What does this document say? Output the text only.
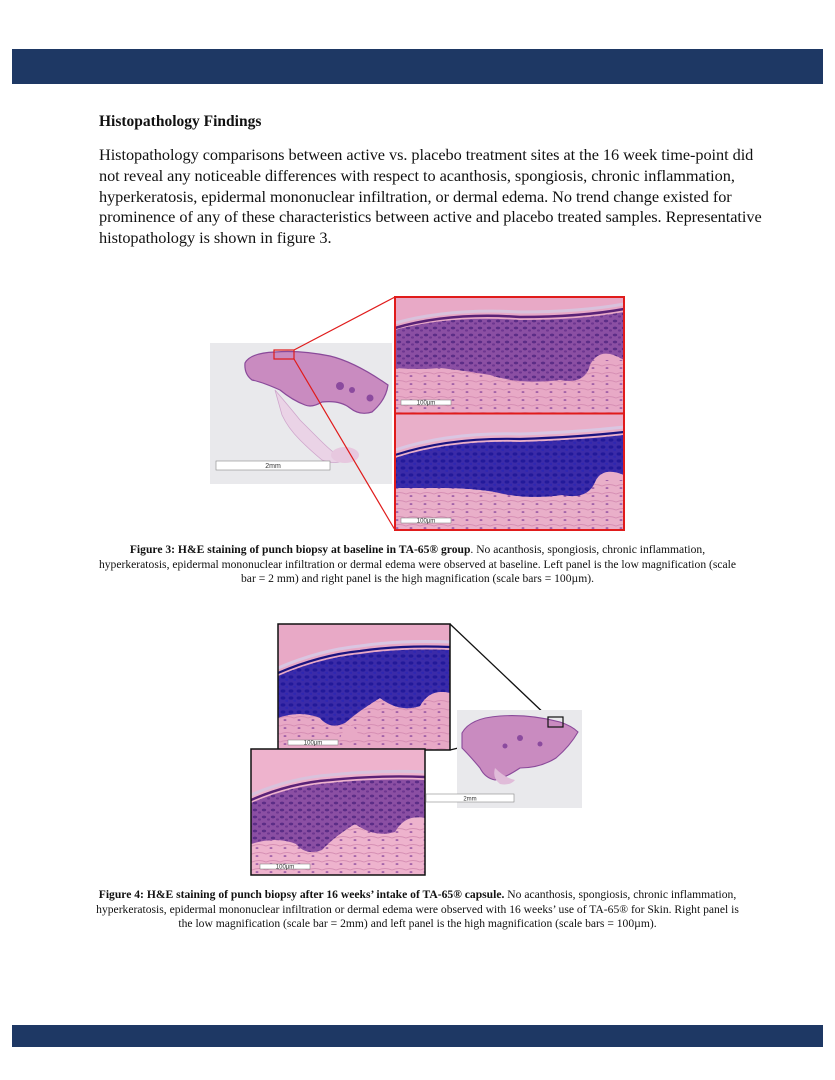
Histopathology Findings

Histopathology comparisons between active vs. placebo treatment sites at the 16 week time-point did not reveal any noticeable differences with respect to acanthosis, spongiosis, chronic inflammation, hyperkeratosis, epidermal mononuclear infiltration, or dermal edema. No trend change existed for prominence of any of these characteristics between active and placebo treated samples. Representative histopathology is shown in figure 3.

2mm
100µm
100µm

Figure 3: H&E staining of punch biopsy at baseline in TA-65® group. No acanthosis, spongiosis, chronic inflammation, hyperkeratosis, epidermal mononuclear infiltration or dermal edema were observed at baseline. Left panel is the low magnification (scale bar = 2 mm) and right panel is the high magnification (scale bars = 100µm).

100µm
100µm
2mm

Figure 4: H&E staining of punch biopsy after 16 weeks’ intake of TA-65® capsule. No acanthosis, spongiosis, chronic inflammation, hyperkeratosis, epidermal mononuclear infiltration or dermal edema were observed with 16 weeks’ use of TA-65® for Skin. Right panel is the low magnification (scale bar = 2mm) and left panel is the high magnification (scale bars = 100µm).
